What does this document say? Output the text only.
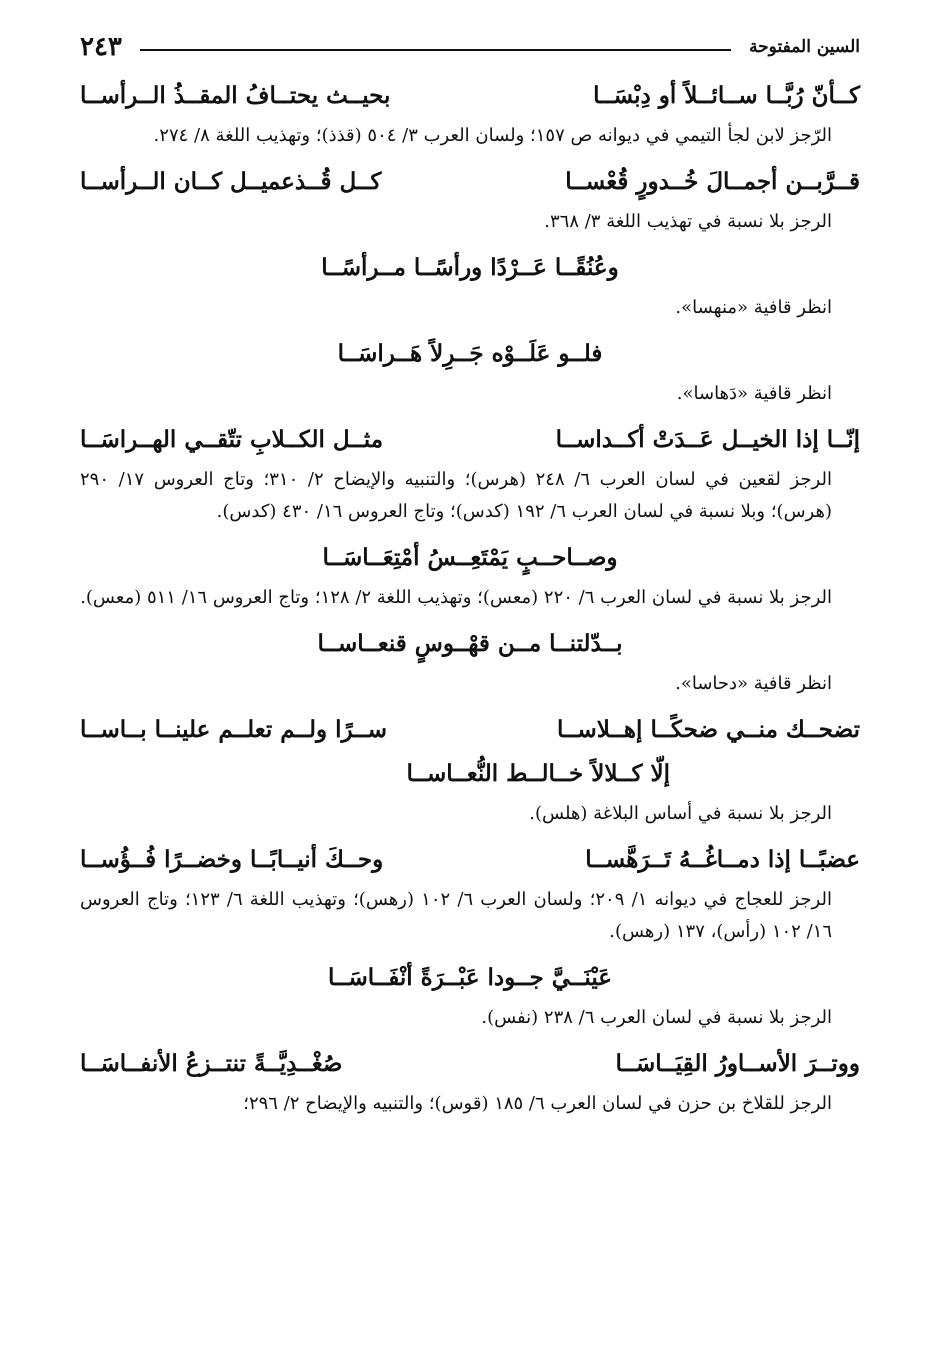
السين المفتوحة
٢٤٣
كــأنّ رُبَّــا ســائــلاً أو دِبْسَــا
بحيــث يحتــافُ المقــذُ الــرأســا
الرّجز لابن لجأ التيمي في ديوانه ص ١٥٧؛ ولسان العرب ٣/ ٥٠٤ (قذذ)؛ وتهذيب اللغة ٨/ ٢٧٤.
قــرَّبــن أجمــالَ خُــدورٍ قُعْســا
كــل قُــذعميــل كــان الــرأســا
الرجز بلا نسبة في تهذيب اللغة ٣/ ٣٦٨.
وعُنُقًــا عَــرْدًا ورأسًــا مــرأسًــا
انظر قافية «منهسا».
فلــو عَلَــوْه جَــرِلاً هَــراسَــا
انظر قافية «دَهاسا».
إنّــا إذا الخيــل عَــدَتْ أكــداســا
مثــل الكــلابِ تتّقــي الهــراسَــا
الرجز لقعين في لسان العرب ٦/ ٢٤٨ (هرس)؛ والتنبيه والإيضاح ٢/ ٣١٠؛ وتاج العروس ١٧/ ٢٩٠ (هرس)؛ وبلا نسبة في لسان العرب ٦/ ١٩٢ (كدس)؛ وتاج العروس ١٦/ ٤٣٠ (كدس).
وصــاحــبٍ يَمْتَعِــسُ أمْتِعَــاسَــا
الرجز بلا نسبة في لسان العرب ٦/ ٢٢٠ (معس)؛ وتهذيب اللغة ٢/ ١٢٨؛ وتاج العروس ١٦/ ٥١١ (معس).
بــدّلتنــا مــن قهْــوسٍ قنعــاســا
انظر قافية «دحاسا».
تضحــك منــي ضحكًــا إهــلاســا
ســرًا ولــم تعلــم علينــا بــاســا
إلّا كــلالاً خــالــط النُّعــاســا
الرجز بلا نسبة في أساس البلاغة (هلس).
عضبًــا إذا دمــاغُــهُ تَــرَهَّســا
وحــكَ أنيــابًــا وخضــرًا فُــؤُســا
الرجز للعجاج في ديوانه ١/ ٢٠٩؛ ولسان العرب ٦/ ١٠٢ (رهس)؛ وتهذيب اللغة ٦/ ١٢٣؛ وتاج العروس ١٦/ ١٠٢ (رأس)، ١٣٧ (رهس).
عَيْنَــيَّ جــودا عَبْــرَةً أنْفَــاسَــا
الرجز بلا نسبة في لسان العرب ٦/ ٢٣٨ (نفس).
ووتــرَ الأســاورُ القِيَــاسَــا
صُغْــدِيَّــةً تنتــزعُ الأنفــاسَــا
الرجز للقلاخ بن حزن في لسان العرب ٦/ ١٨٥ (قوس)؛ والتنبيه والإيضاح ٢/ ٢٩٦؛
